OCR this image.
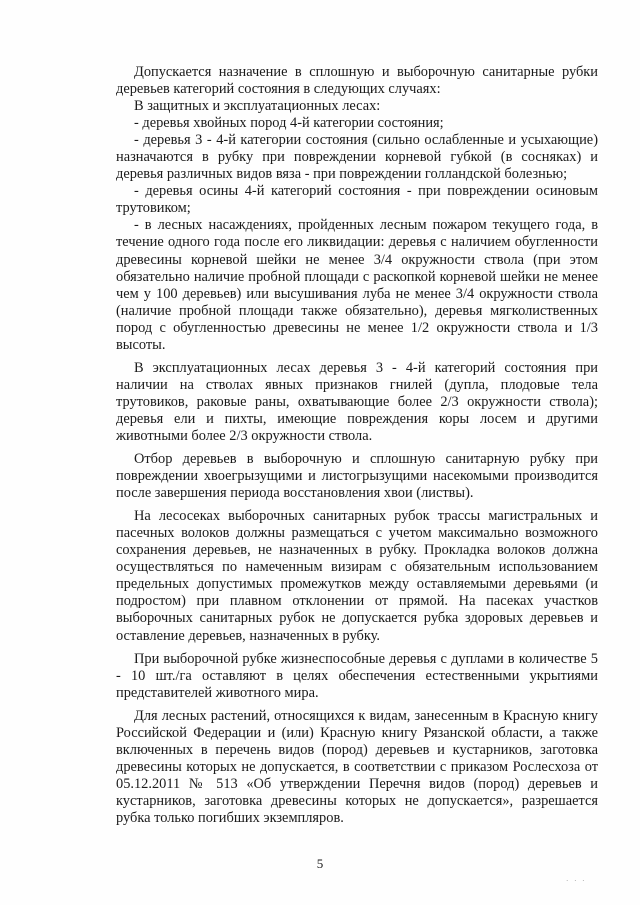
Допускается назначение в сплошную и выборочную санитарные рубки деревьев категорий состояния в следующих случаях:

В защитных и эксплуатационных лесах:

- деревья хвойных пород 4-й категории состояния;

- деревья 3 - 4-й категории состояния (сильно ослабленные и усыхающие) назначаются в рубку при повреждении корневой губкой (в сосняках) и деревья различных видов вяза - при повреждении голландской болезнью;

- деревья осины 4-й категорий состояния - при повреждении осиновым трутовиком;

- в лесных насаждениях, пройденных лесным пожаром текущего года, в течение одного года после его ликвидации: деревья с наличием обугленности древесины корневой шейки не менее 3/4 окружности ствола (при этом обязательно наличие пробной площади с раскопкой корневой шейки не менее чем у 100 деревьев) или высушивания луба не менее 3/4 окружности ствола (наличие пробной площади также обязательно), деревья мягколиственных пород с обугленностью древесины не менее 1/2 окружности ствола и 1/3 высоты.

В эксплуатационных лесах деревья 3 - 4-й категорий состояния при наличии на стволах явных признаков гнилей (дупла, плодовые тела трутовиков, раковые раны, охватывающие более 2/3 окружности ствола); деревья ели и пихты, имеющие повреждения коры лосем и другими животными более 2/3 окружности ствола.

Отбор деревьев в выборочную и сплошную санитарную рубку при повреждении хвоегрызущими и листогрызущими насекомыми производится после завершения периода восстановления хвои (листвы).

На лесосеках выборочных санитарных рубок трассы магистральных и пасечных волоков должны размещаться с учетом максимально возможного сохранения деревьев, не назначенных в рубку. Прокладка волоков должна осуществляться по намеченным визирам с обязательным использованием предельных допустимых промежутков между оставляемыми деревьями (и подростом) при плавном отклонении от прямой. На пасеках участков выборочных санитарных рубок не допускается рубка здоровых деревьев и оставление деревьев, назначенных в рубку.

При выборочной рубке жизнеспособные деревья с дуплами в количестве 5 - 10 шт./га оставляют в целях обеспечения естественными укрытиями представителей животного мира.

Для лесных растений, относящихся к видам, занесенным в Красную книгу Российской Федерации и (или) Красную книгу Рязанской области, а также включенных в перечень видов (пород) деревьев и кустарников, заготовка древесины которых не допускается, в соответствии с приказом Рослесхоза от 05.12.2011 № 513 «Об утверждении Перечня видов (пород) деревьев и кустарников, заготовка древесины которых не допускается», разрешается рубка только погибших экземпляров.

5
· · ·
